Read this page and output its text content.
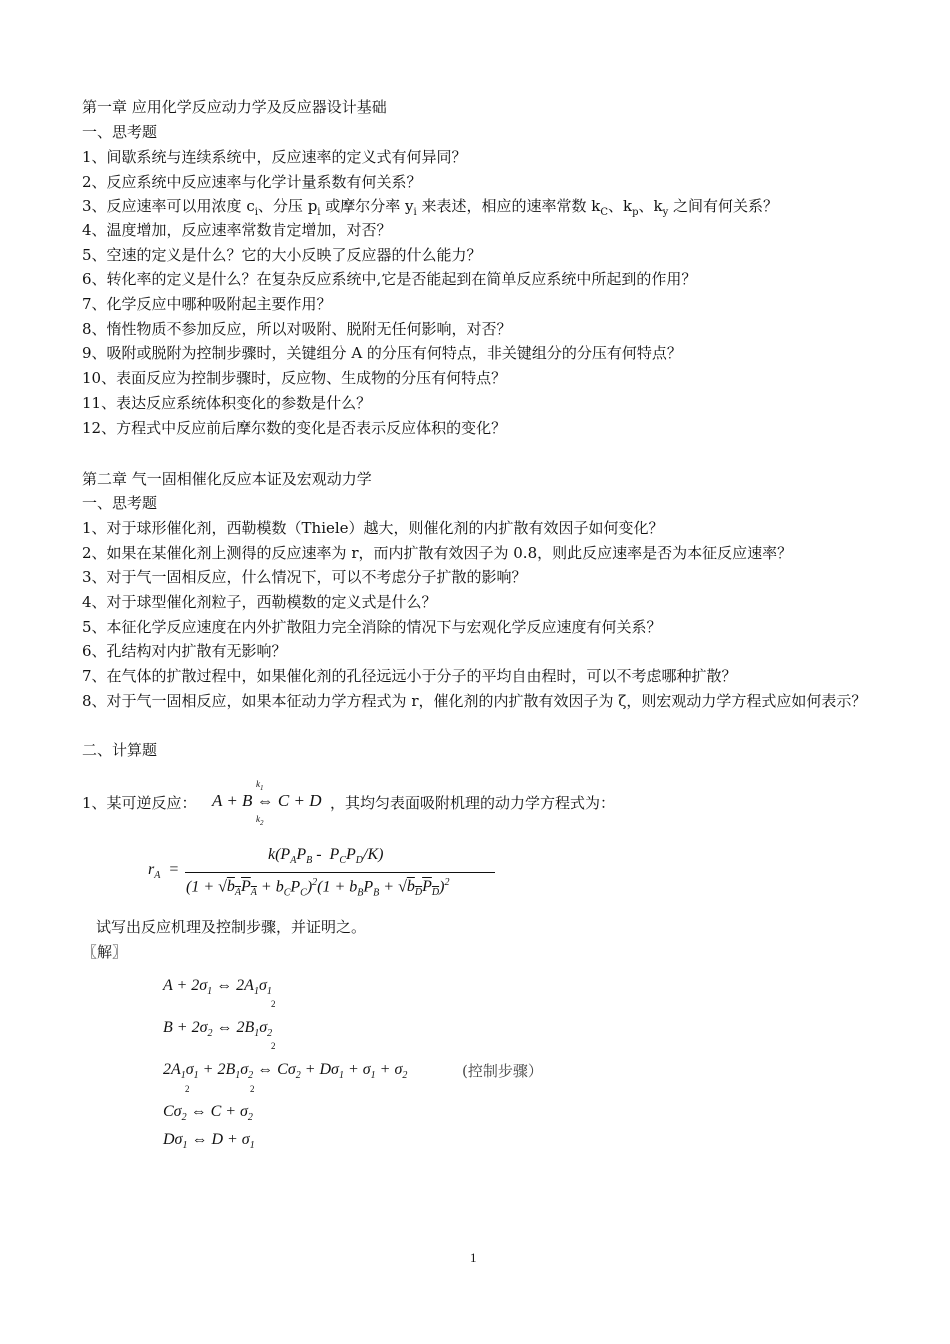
第一章 应用化学反应动力学及反应器设计基础
一、思考题
1、间歇系统与连续系统中，反应速率的定义式有何异同？
2、反应系统中反应速率与化学计量系数有何关系？
3、反应速率可以用浓度 $c_i$、分压 $p_i$ 或摩尔分率 $y_i$ 来表述，相应的速率常数 $k_C$、$k_p$、$k_y$ 之间有何关系？
4、温度增加，反应速率常数肯定增加，对否？
5、空速的定义是什么？它的大小反映了反应器的什么能力？
6、转化率的定义是什么？在复杂反应系统中,它是否能起到在简单反应系统中所起到的作用？
7、化学反应中哪种吸附起主要作用？
8、惰性物质不参加反应，所以对吸附、脱附无任何影响，对否？
9、吸附或脱附为控制步骤时，关键组分 A 的分压有何特点，非关键组分的分压有何特点？
10、表面反应为控制步骤时，反应物、生成物的分压有何特点？
11、表达反应系统体积变化的参数是什么？
12、方程式中反应前后摩尔数的变化是否表示反应体积的变化？
第二章 气一固相催化反应本证及宏观动力学
一、思考题
1、对于球形催化剂，西勒模数（Thiele）越大，则催化剂的内扩散有效因子如何变化？
2、如果在某催化剂上测得的反应速率为 r，而内扩散有效因子为 0.8，则此反应速率是否为本征反应速率？
3、对于气一固相反应，什么情况下，可以不考虑分子扩散的影响？
4、对于球型催化剂粒子，西勒模数的定义式是什么？
5、本征化学反应速度在内外扩散阻力完全消除的情况下与宏观化学反应速度有何关系？
6、孔结构对内扩散有无影响？
7、在气体的扩散过程中，如果催化剂的孔径远远小于分子的平均自由程时，可以不考虑哪种扩散？
8、对于气一固相反应，如果本征动力学方程式为 r，催化剂的内扩散有效因子为 ζ，则宏观动力学方程式应如何表示？
二、计算题
1、某可逆反应： A + B ⇔ C + D
$k_1$
$k_2$
，其均匀表面吸附机理的动力学方程式为：
$r_A$  =
$k(P_AP_B - P_CP_D/K)$
$(1 + √b_AP_A + b_CP_C)^2(1 + b_BP_B + √b_DP_D)^2$
试写出反应机理及控制步骤，并证明之。
〖解〗
$A + 2\sigma_1$ ⇔ $2A_1\sigma_1$
2
$B + 2\sigma_2$ ⇔ $2B_1\sigma_2$
2
$2A_1\sigma_1 + 2B_1\sigma_2$ ⇔ $C\sigma_2 + D\sigma_1 + \sigma_1 + \sigma_2$
2	2
(控制步骤）
$C\sigma_2$ ⇔ $C + \sigma_2$
$D\sigma_1$ ⇔ $D + \sigma_1$
1
